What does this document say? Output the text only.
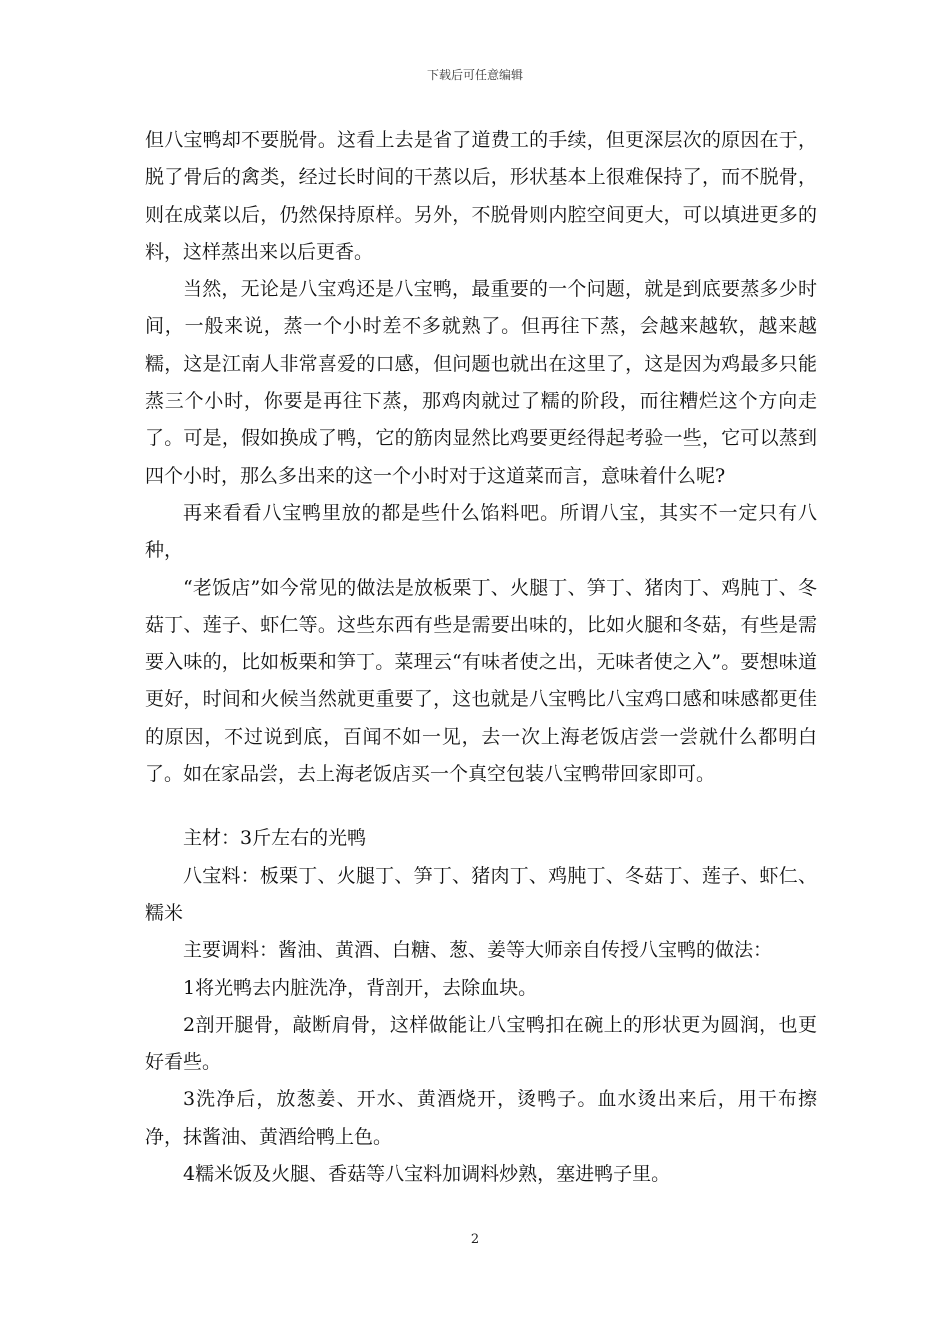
下载后可任意编辑

但八宝鸭却不要脱骨。这看上去是省了道费工的手续，但更深层次的原因在于，脱了骨后的禽类，经过长时间的干蒸以后，形状基本上很难保持了，而不脱骨，则在成菜以后，仍然保持原样。另外，不脱骨则内腔空间更大，可以填进更多的料，这样蒸出来以后更香。

当然，无论是八宝鸡还是八宝鸭，最重要的一个问题，就是到底要蒸多少时间，一般来说，蒸一个小时差不多就熟了。但再往下蒸，会越来越软，越来越糯，这是江南人非常喜爱的口感，但问题也就出在这里了，这是因为鸡最多只能蒸三个小时，你要是再往下蒸，那鸡肉就过了糯的阶段，而往糟烂这个方向走了。可是，假如换成了鸭，它的筋肉显然比鸡要更经得起考验一些，它可以蒸到四个小时，那么多出来的这一个小时对于这道菜而言，意味着什么呢?

再来看看八宝鸭里放的都是些什么馅料吧。所谓八宝，其实不一定只有八种，

“老饭店”如今常见的做法是放板栗丁、火腿丁、笋丁、猪肉丁、鸡肫丁、冬菇丁、莲子、虾仁等。这些东西有些是需要出味的，比如火腿和冬菇，有些是需要入味的，比如板栗和笋丁。菜理云“有味者使之出，无味者使之入”。要想味道更好，时间和火候当然就更重要了，这也就是八宝鸭比八宝鸡口感和味感都更佳的原因，不过说到底，百闻不如一见，去一次上海老饭店尝一尝就什么都明白了。如在家品尝，去上海老饭店买一个真空包装八宝鸭带回家即可。

主材：3斤左右的光鸭

八宝料：板栗丁、火腿丁、笋丁、猪肉丁、鸡肫丁、冬菇丁、莲子、虾仁、糯米

主要调料：酱油、黄酒、白糖、葱、姜等大师亲自传授八宝鸭的做法：

1将光鸭去内脏洗净，背剖开，去除血块。

2剖开腿骨，敲断肩骨，这样做能让八宝鸭扣在碗上的形状更为圆润，也更好看些。

3洗净后，放葱姜、开水、黄酒烧开，烫鸭子。血水烫出来后，用干布擦净，抹酱油、黄酒给鸭上色。

4糯米饭及火腿、香菇等八宝料加调料炒熟，塞进鸭子里。

2
